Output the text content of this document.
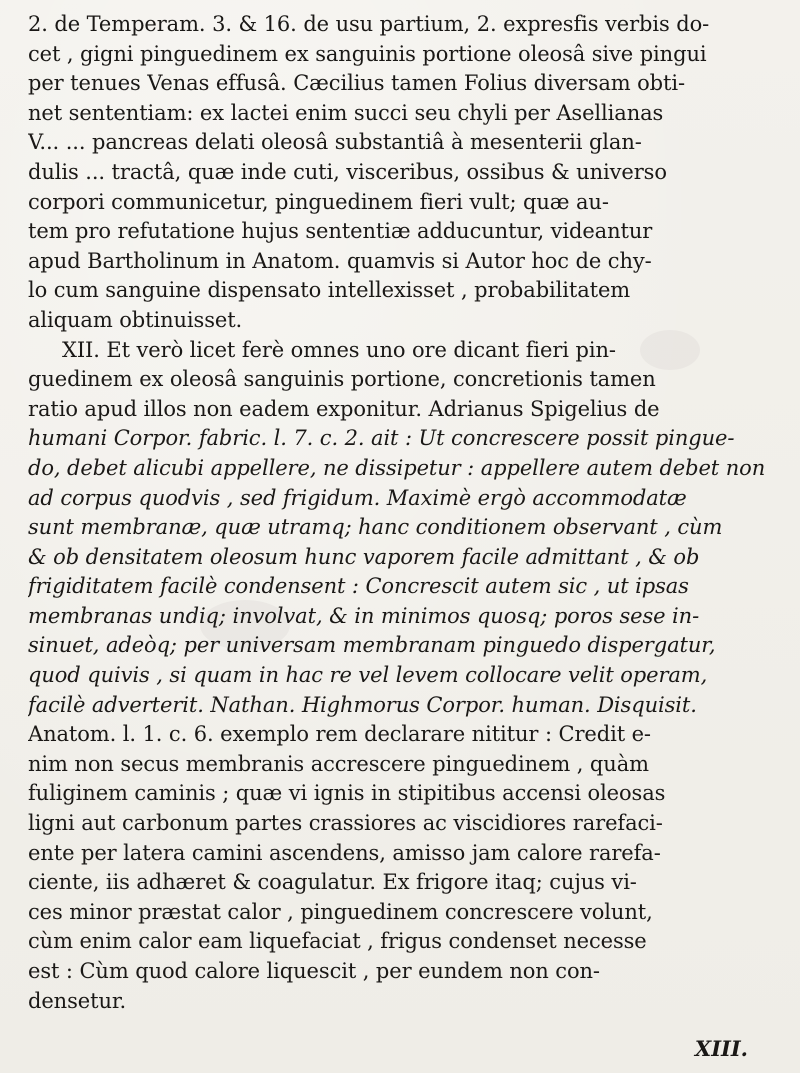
2. de Temperam. 3. & 16. de usu partium, 2. expresfis verbis do-
cet , gigni pinguedinem ex sanguinis portione oleosâ sive pingui
per tenues Venas effusâ. Cæcilius tamen Folius diversam obti-
net sententiam: ex lactei enim succi seu chyli per Asellianas
V... ... pancreas delati oleosâ substantiâ à mesenterii glan-
dulis ... tractâ, quæ inde cuti, visceribus, ossibus & universo
corpori communicetur, pinguedinem fieri vult; quæ au-
tem pro refutatione hujus sententiæ adducuntur, videantur
apud Bartholinum in Anatom. quamvis si Autor hoc de chy-
lo cum sanguine dispensato intellexisset , probabilitatem
aliquam obtinuisset.
XII. Et verò licet ferè omnes uno ore dicant fieri pin-
guedinem ex oleosâ sanguinis portione, concretionis tamen
ratio apud illos non eadem exponitur. Adrianus Spigelius de
humani Corpor. fabric. l. 7. c. 2. ait : Ut concrescere possit pingue-
do, debet alicubi appellere, ne dissipetur : appellere autem debet non
ad corpus quodvis , sed frigidum. Maximè ergò accommodatæ
sunt membranæ, quæ utramq; hanc conditionem observant , cùm
& ob densitatem oleosum hunc vaporem facile admittant , & ob
frigiditatem facilè condensent : Concrescit autem sic , ut ipsas
membranas undiq; involvat, & in minimos quosq; poros sese in-
sinuet, adeòq; per universam membranam pinguedo dispergatur,
quod quivis , si quam in hac re vel levem collocare velit operam,
facilè adverterit. Nathan. Highmorus Corpor. human. Disquisit.
Anatom. l. 1. c. 6. exemplo rem declarare nititur : Credit e-
nim non secus membranis accrescere pinguedinem , quàm
fuliginem caminis ; quæ vi ignis in stipitibus accensi oleosas
ligni aut carbonum partes crassiores ac viscidiores rarefaci-
ente per latera camini ascendens, amisso jam calore rarefa-
ciente, iis adhæret & coagulatur. Ex frigore itaq; cujus vi-
ces minor præstat calor , pinguedinem concrescere volunt,
cùm enim calor eam liquefaciat , frigus condenset necesse
est : Cùm quod calore liquescit , per eundem non con-
densetur.
XIII.
